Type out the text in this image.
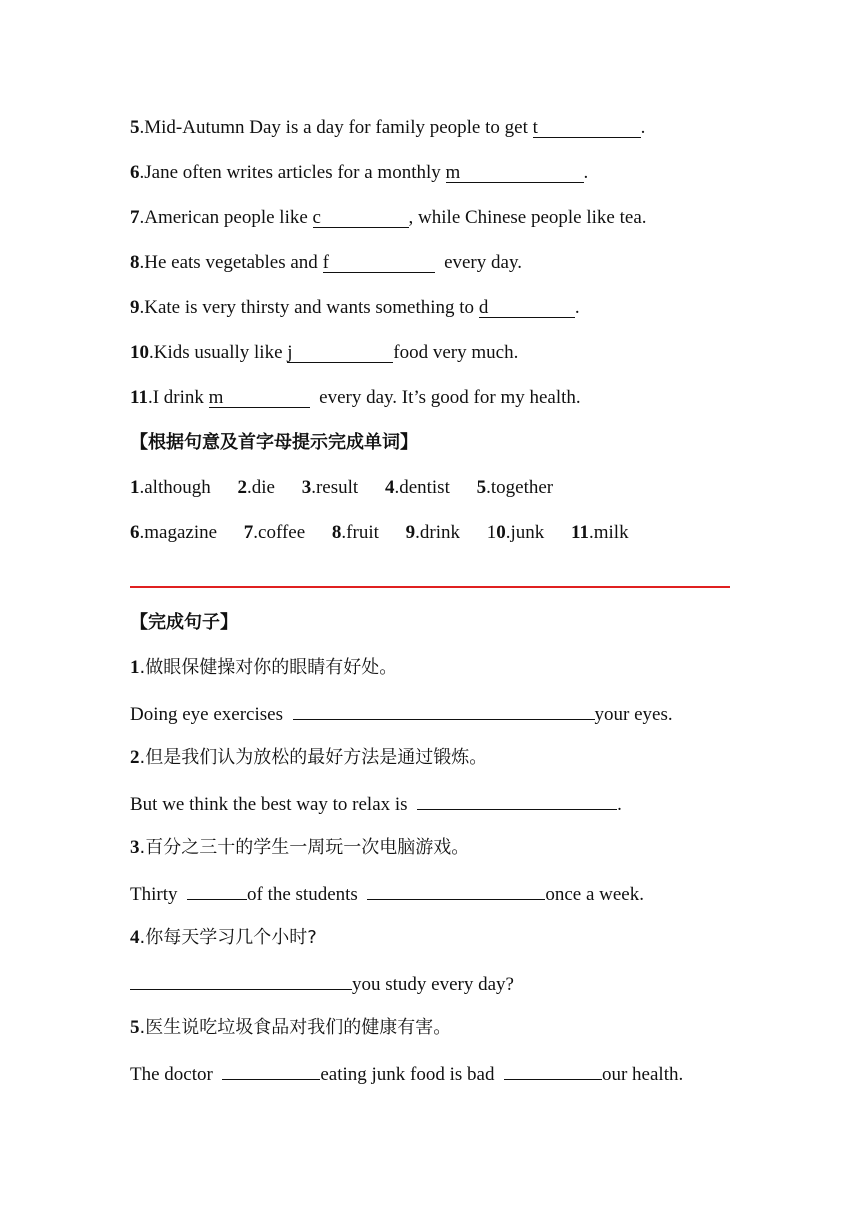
5.Mid-Autumn Day is a day for family people to get t	.
6.Jane often writes articles for a monthly m	.
7.American people like c	, while Chinese people like tea.
8.He eats vegetables and f	every day.
9.Kate is very thirsty and wants something to d	.
10.Kids usually like j	food very much.
11.I drink m	every day. It’s good for my health.
【根据句意及首字母提示完成单词】
1.although 2.die 3.result 4.dentist 5.together
6.magazine 7.coffee 8.fruit 9.drink 10.junk 11.milk
【完成句子】
1.做眼保健操对你的眼睛有好处。
Doing eye exercises	your eyes.
2.但是我们认为放松的最好方法是通过锻炼。
But we think the best way to relax is	.
3.百分之三十的学生一周玩一次电脑游戏。
Thirty	of the students	once a week.
4.你每天学习几个小时?
you study every day?
5.医生说吃垃圾食品对我们的健康有害。
The doctor	eating junk food is bad	our health.
